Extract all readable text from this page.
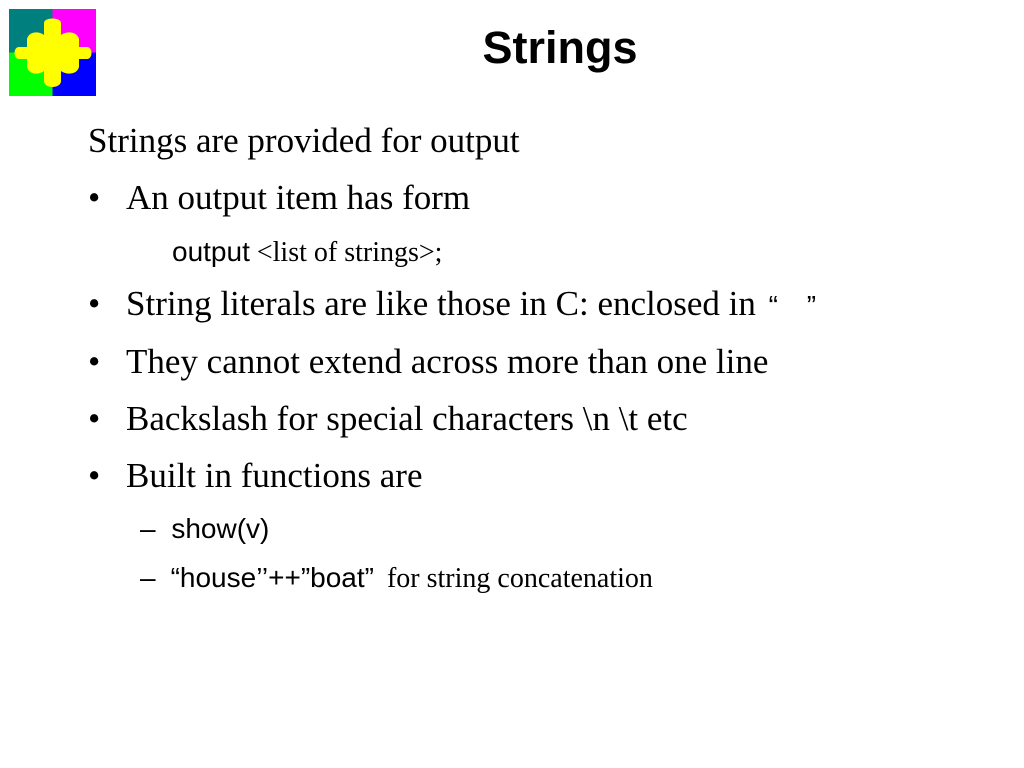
Strings
Strings are provided for output
• An output item has form
output <list of strings>;
• String literals are like those in C: enclosed in “ ”
• They cannot extend across more than one line
• Backslash for special characters \n \t etc
• Built in functions are
– show(v)
– “house’’++”boat” for string concatenation
